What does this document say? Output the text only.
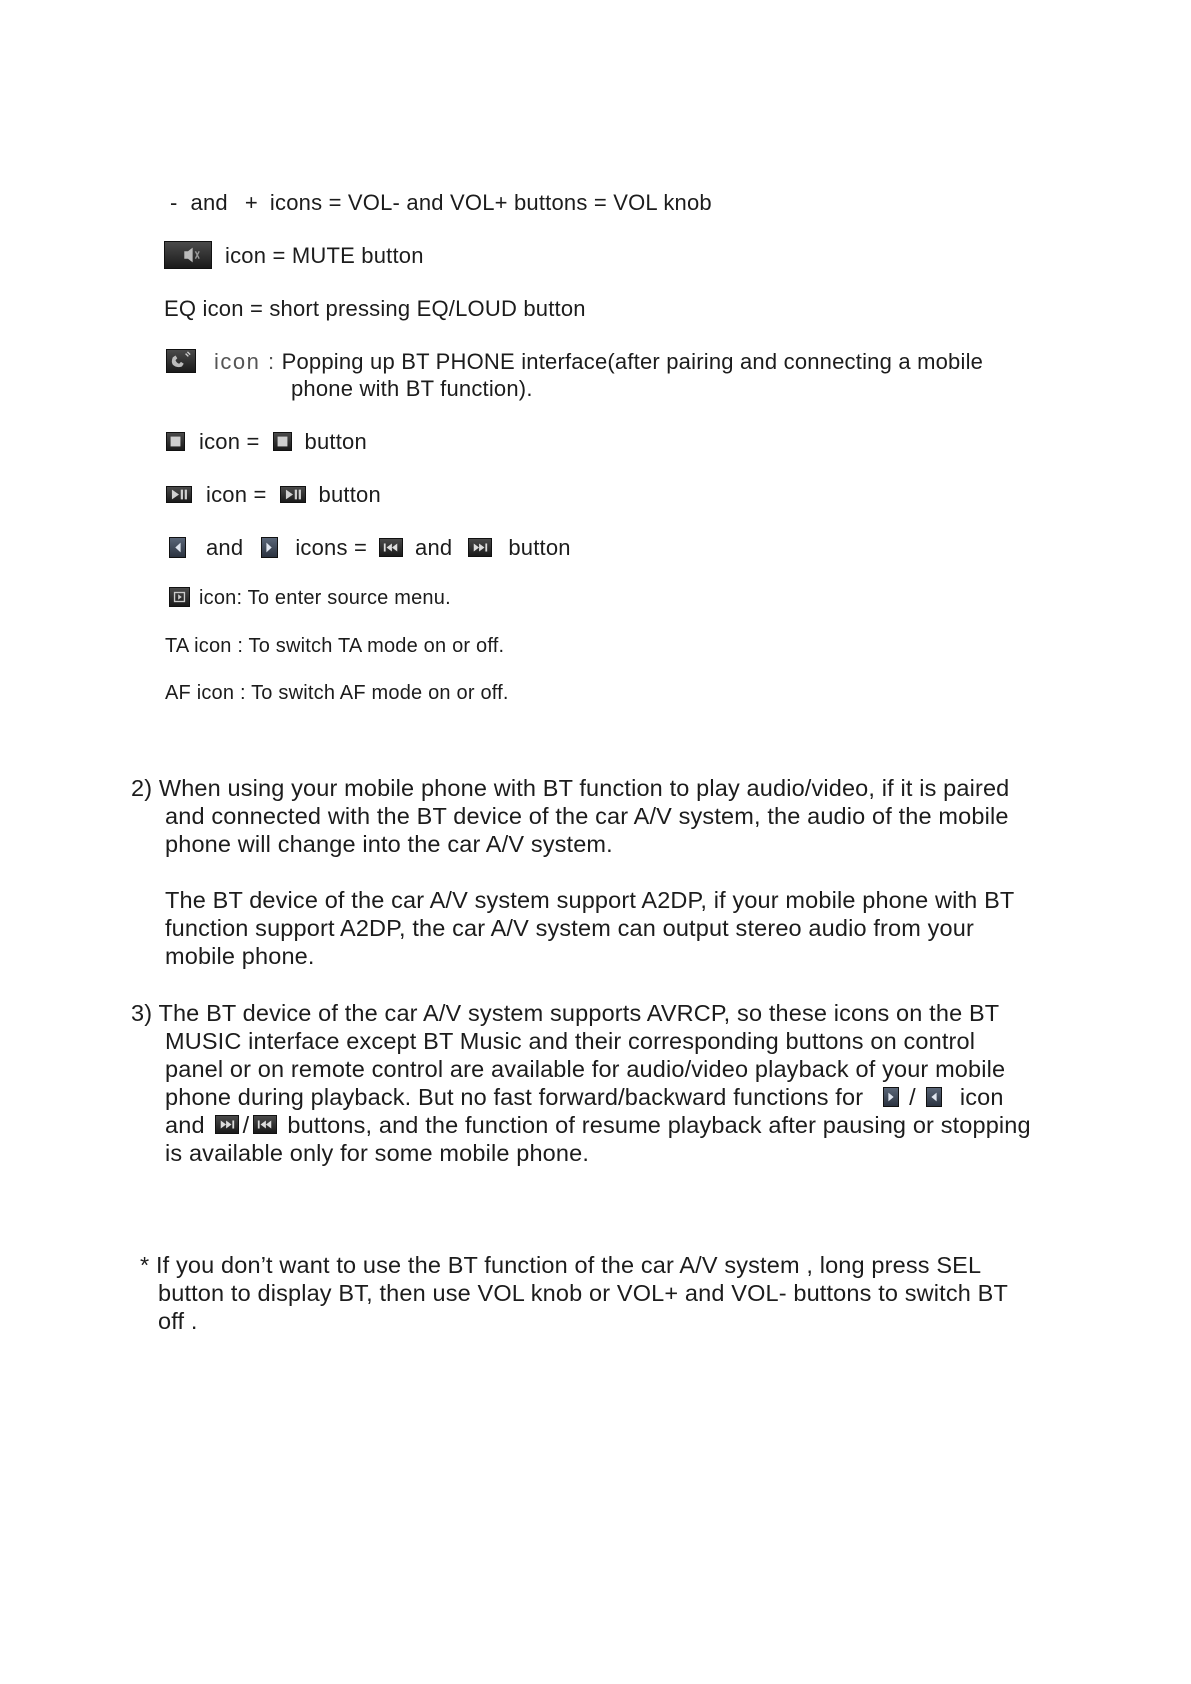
- and + icons = VOL- and VOL+ buttons = VOL knob
icon = MUTE button
EQ icon = short pressing EQ/LOUD button
icon : Popping up BT PHONE interface(after pairing and connecting a mobile
phone with BT function).
icon = button
icon = button
and icons = and	button
icon: To enter source menu.
TA icon : To switch TA mode on or off.
AF icon : To switch AF mode on or off.
2) When using your mobile phone with BT function to play audio/video, if it is paired
and connected with the BT device of the car A/V system, the audio of the mobile
phone will change into the car A/V system.
The BT device of the car A/V system support A2DP, if your mobile phone with BT
function support A2DP, the car A/V system can output stereo audio from your
mobile phone.
3) The BT device of the car A/V system supports AVRCP, so these icons on the BT
MUSIC interface except BT Music and their corresponding buttons on control
panel or on remote control are available for audio/video playback of your mobile
phone during playback. But no fast forward/backward functions for / icon
and / buttons, and the function of resume playback after pausing or stopping
is available only for some mobile phone.
* If you don’t want to use the BT function of the car A/V system , long press SEL
button to display BT, then use VOL knob or VOL+ and VOL- buttons to switch BT
off .
